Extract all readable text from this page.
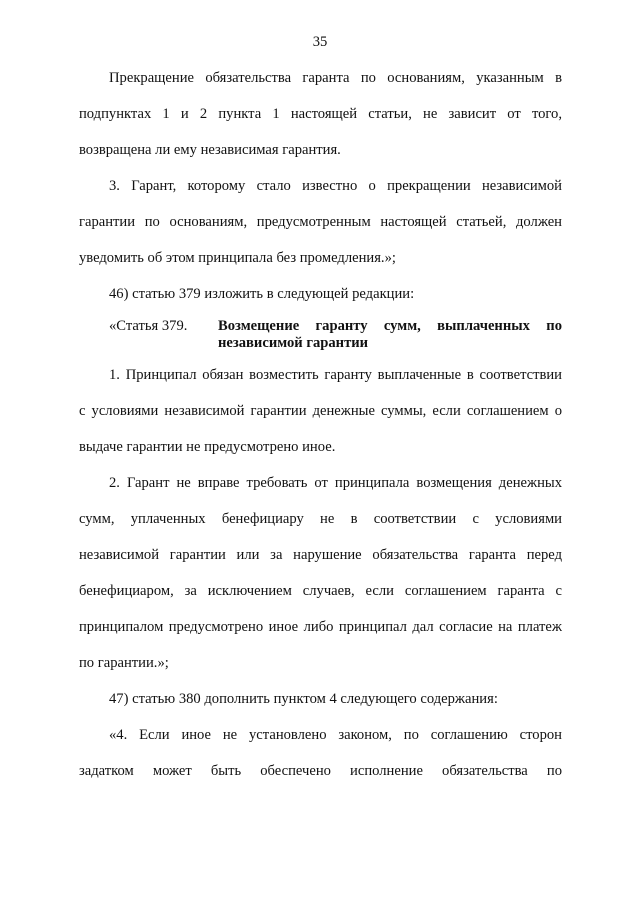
35
Прекращение обязательства гаранта по основаниям, указанным в
подпунктах 1 и 2 пункта 1 настоящей статьи, не зависит от того,
возвращена ли ему независимая гарантия.
3. Гарант, которому стало известно о прекращении независимой
гарантии по основаниям, предусмотренным настоящей статьей, должен
уведомить об этом принципала без промедления.»;
46) статью 379 изложить в следующей редакции:
«Статья 379. Возмещение гаранту сумм, выплаченных по
независимой гарантии
1. Принципал обязан возместить гаранту выплаченные в соответствии
с условиями независимой гарантии денежные суммы, если соглашением о
выдаче гарантии не предусмотрено иное.
2. Гарант не вправе требовать от принципала возмещения денежных
сумм, уплаченных бенефициару не в соответствии с условиями
независимой гарантии или за нарушение обязательства гаранта перед
бенефициаром, за исключением случаев, если соглашением гаранта с
принципалом предусмотрено иное либо принципал дал согласие на платеж
по гарантии.»;
47) статью 380 дополнить пунктом 4 следующего содержания:
«4. Если иное не установлено законом, по соглашению сторон
задатком может быть обеспечено исполнение обязательства по
